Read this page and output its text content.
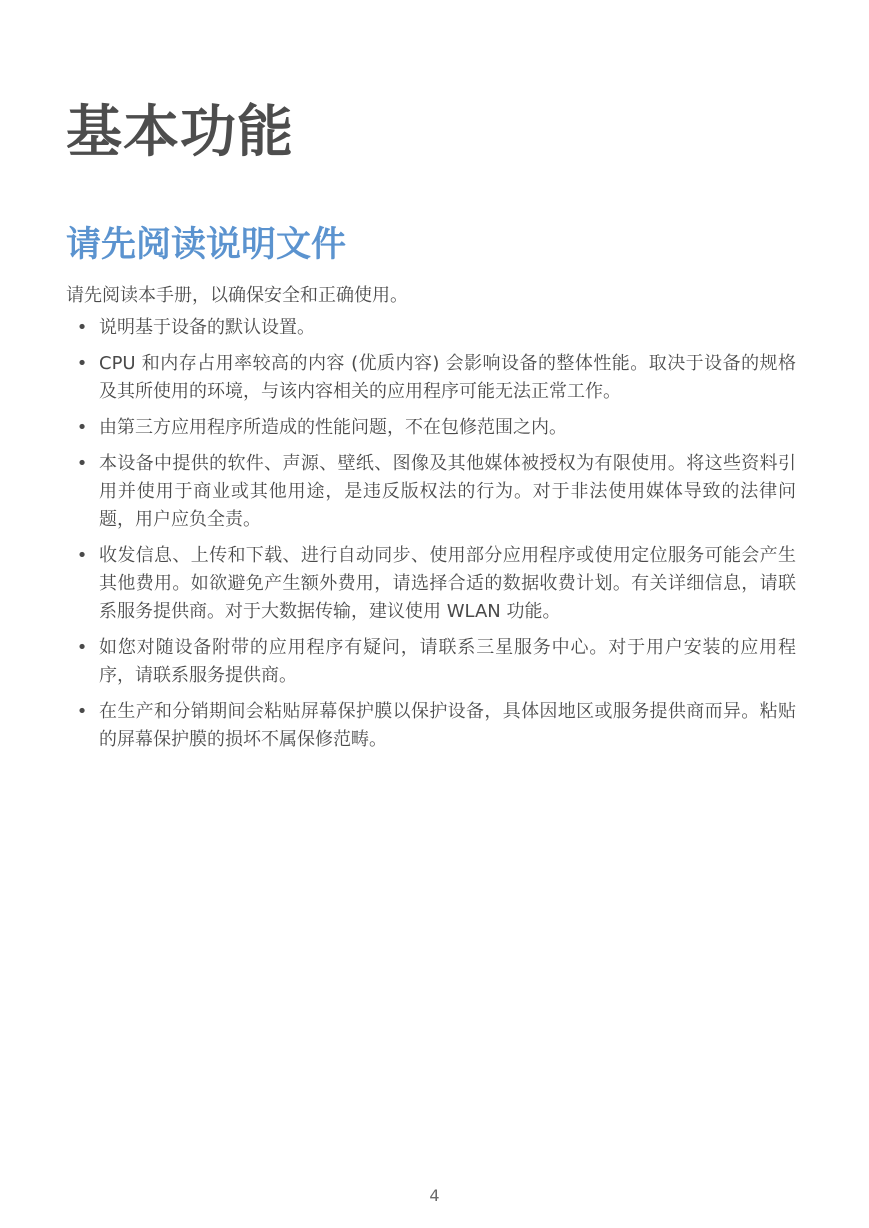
基本功能
请先阅读说明文件

请先阅读本手册，以确保安全和正确使用。

• 说明基于设备的默认设置。
• CPU 和内存占用率较高的内容 (优质内容) 会影响设备的整体性能。取决于设备的规格及其所使用的环境，与该内容相关的应用程序可能无法正常工作。
• 由第三方应用程序所造成的性能问题，不在包修范围之内。
• 本设备中提供的软件、声源、壁纸、图像及其他媒体被授权为有限使用。将这些资料引用并使用于商业或其他用途，是违反版权法的行为。对于非法使用媒体导致的法律问题，用户应负全责。
• 收发信息、上传和下载、进行自动同步、使用部分应用程序或使用定位服务可能会产生其他费用。如欲避免产生额外费用，请选择合适的数据收费计划。有关详细信息，请联系服务提供商。对于大数据传输，建议使用 WLAN 功能。
• 如您对随设备附带的应用程序有疑问，请联系三星服务中心。对于用户安装的应用程序，请联系服务提供商。
• 在生产和分销期间会粘贴屏幕保护膜以保护设备，具体因地区或服务提供商而异。粘贴的屏幕保护膜的损坏不属保修范畴。
4
